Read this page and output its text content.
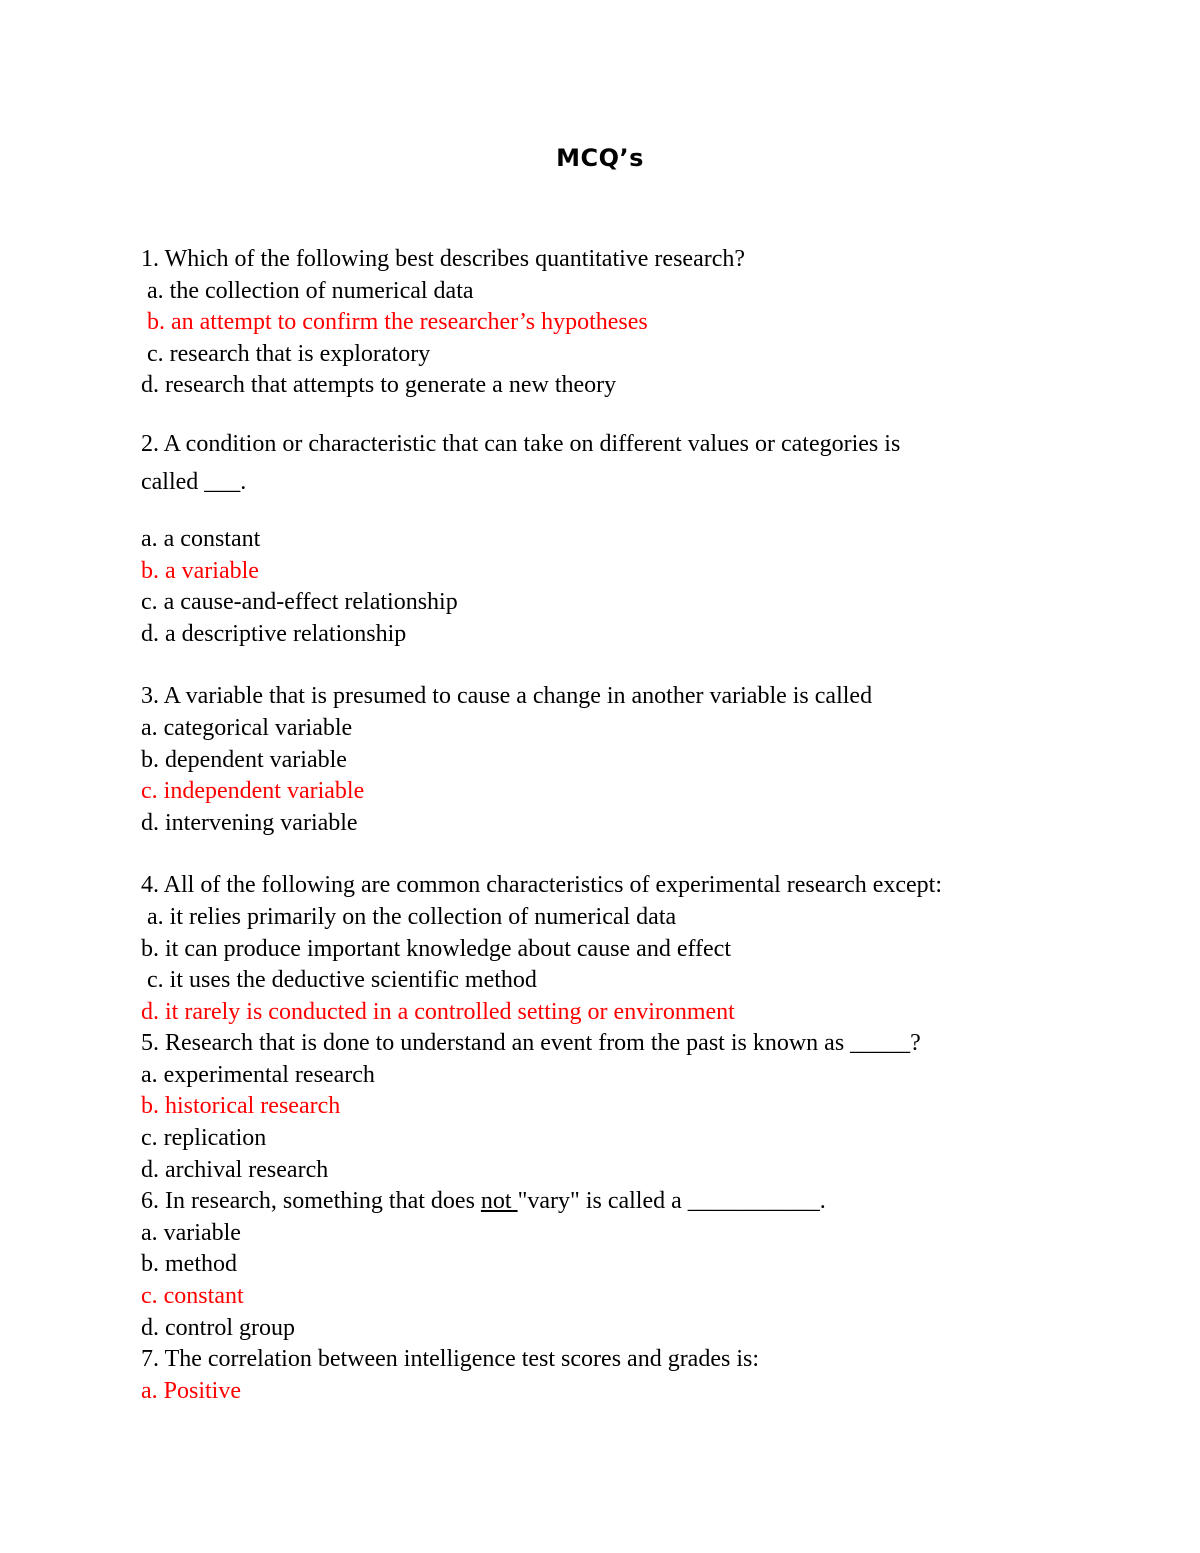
MCQ’s
1. Which of the following best describes quantitative research?
a. the collection of numerical data
b. an attempt to confirm the researcher’s hypotheses
c. research that is exploratory
d. research that attempts to generate a new theory
2. A condition or characteristic that can take on different values or categories is
called ___.
a. a constant
b. a variable
c. a cause-and-effect relationship
d. a descriptive relationship
3. A variable that is presumed to cause a change in another variable is called
a. categorical variable
b. dependent variable
c. independent variable
d. intervening variable
4. All of the following are common characteristics of experimental research except:
a. it relies primarily on the collection of numerical data
b. it can produce important knowledge about cause and effect
c. it uses the deductive scientific method
d. it rarely is conducted in a controlled setting or environment
5. Research that is done to understand an event from the past is known as _____?
a. experimental research
b. historical research
c. replication
d. archival research
6. In research, something that does not "vary" is called a ___________.
a. variable
b. method
c. constant
d. control group
7. The correlation between intelligence test scores and grades is:
a. Positive
